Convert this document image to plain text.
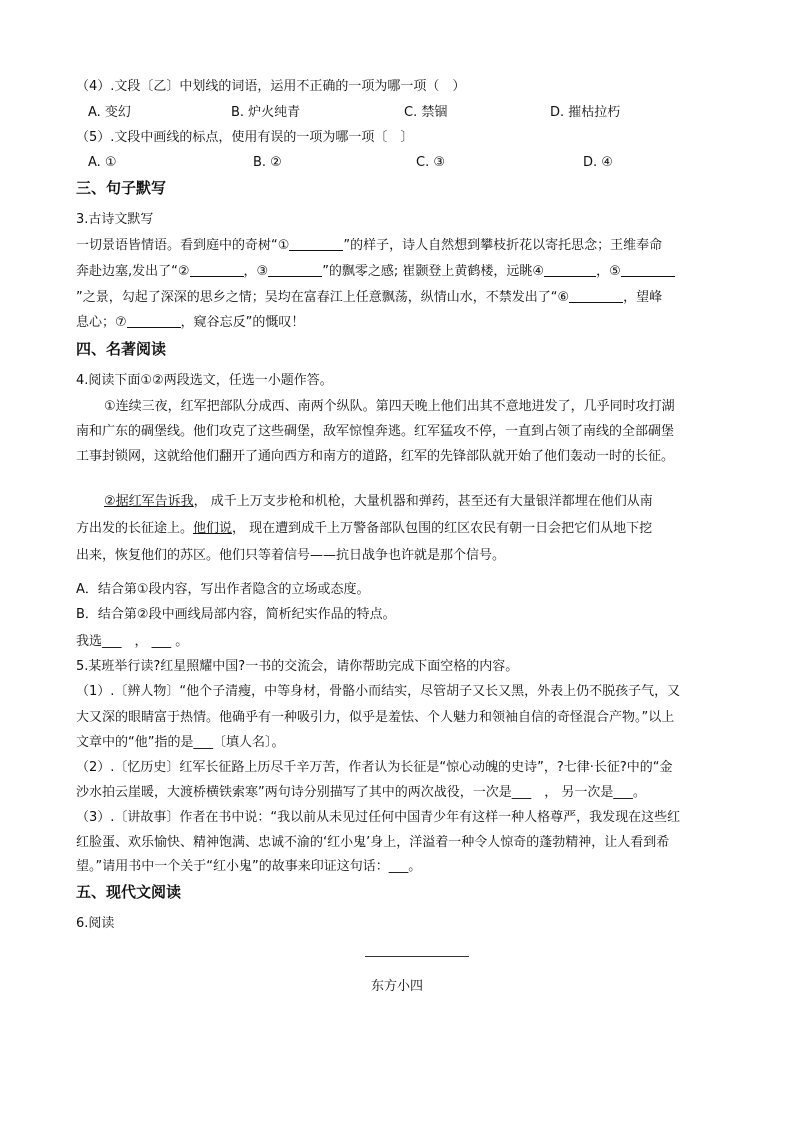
（4）.文段〔乙〕中划线的词语，运用不正确的一项为哪一项（　）
A. 变幻	B. 炉火纯青	C. 禁锢	D. 摧枯拉朽
（5）.文段中画线的标点，使用有误的一项为哪一项〔　〕
A. ①	B. ②	C. ③	D. ④
三、句子默写
3.古诗文默写
一切景语皆情语。看到庭中的奇树“①	”的样子，诗人自然想到攀枝折花以寄托思念；王维奉命
奔赴边塞,发出了“②	，③	”的飘零之感; 崔颢登上黄鹤楼，远眺④	，⑤
”之景，勾起了深深的思乡之情；吴均在富春江上任意飘荡，纵情山水，不禁发出了“⑥	，望峰
息心；⑦	，窥谷忘反”的慨叹！
四、名著阅读
4.阅读下面①②两段选文，任选一小题作答。
①连续三夜，红军把部队分成西、南两个纵队。第四天晚上他们出其不意地进发了，几乎同时攻打湖
南和广东的碉堡线。他们攻克了这些碉堡，敌军惊惶奔逃。红军猛攻不停，一直到占领了南线的全部碉堡
工事封锁网，这就给他们翻开了通向西方和南方的道路，红军的先锋部队就开始了他们轰动一时的长征。
②据红军告诉我， 成千上万支步枪和机枪，大量机器和弹药，甚至还有大量银洋都埋在他们从南
方出发的长征途上。他们说， 现在遭到成千上万警备部队包围的红区农民有朝一日会把它们从地下挖
出来，恢复他们的苏区。他们只等着信号——抗日战争也许就是那个信号。
A．结合第①段内容，写出作者隐含的立场或态度。
B．结合第②段中画线局部内容，简析纪实作品的特点。
我选___　， ___ 。
5.某班举行读?红星照耀中国?一书的交流会，请你帮助完成下面空格的内容。
（1）.〔辨人物〕“他个子清瘦，中等身材，骨骼小而结实，尽管胡子又长又黑，外表上仍不脱孩子气，又
大又深的眼睛富于热情。他确乎有一种吸引力，似乎是羞怯、个人魅力和领袖自信的奇怪混合产物。”以上
文章中的“他”指的是___〔填人名〕。
（2）.〔忆历史〕红军长征路上历尽千辛万苦，作者认为长征是“惊心动魄的史诗”，?七律·长征?中的“金
沙水拍云崖暖，大渡桥横铁索寒”两句诗分别描写了其中的两次战役，一次是___　， 另一次是___。
（3）.〔讲故事〕作者在书中说：“我以前从未见过任何中国青少年有这样一种人格尊严，我发现在这些红
红脸蛋、欢乐愉快、精神饱满、忠诚不渝的‘红小鬼’身上，洋溢着一种令人惊奇的蓬勃精神，让人看到希
望。”请用书中一个关于“红小鬼”的故事来印证这句话：___。
五、现代文阅读
6.阅读
东方小四
